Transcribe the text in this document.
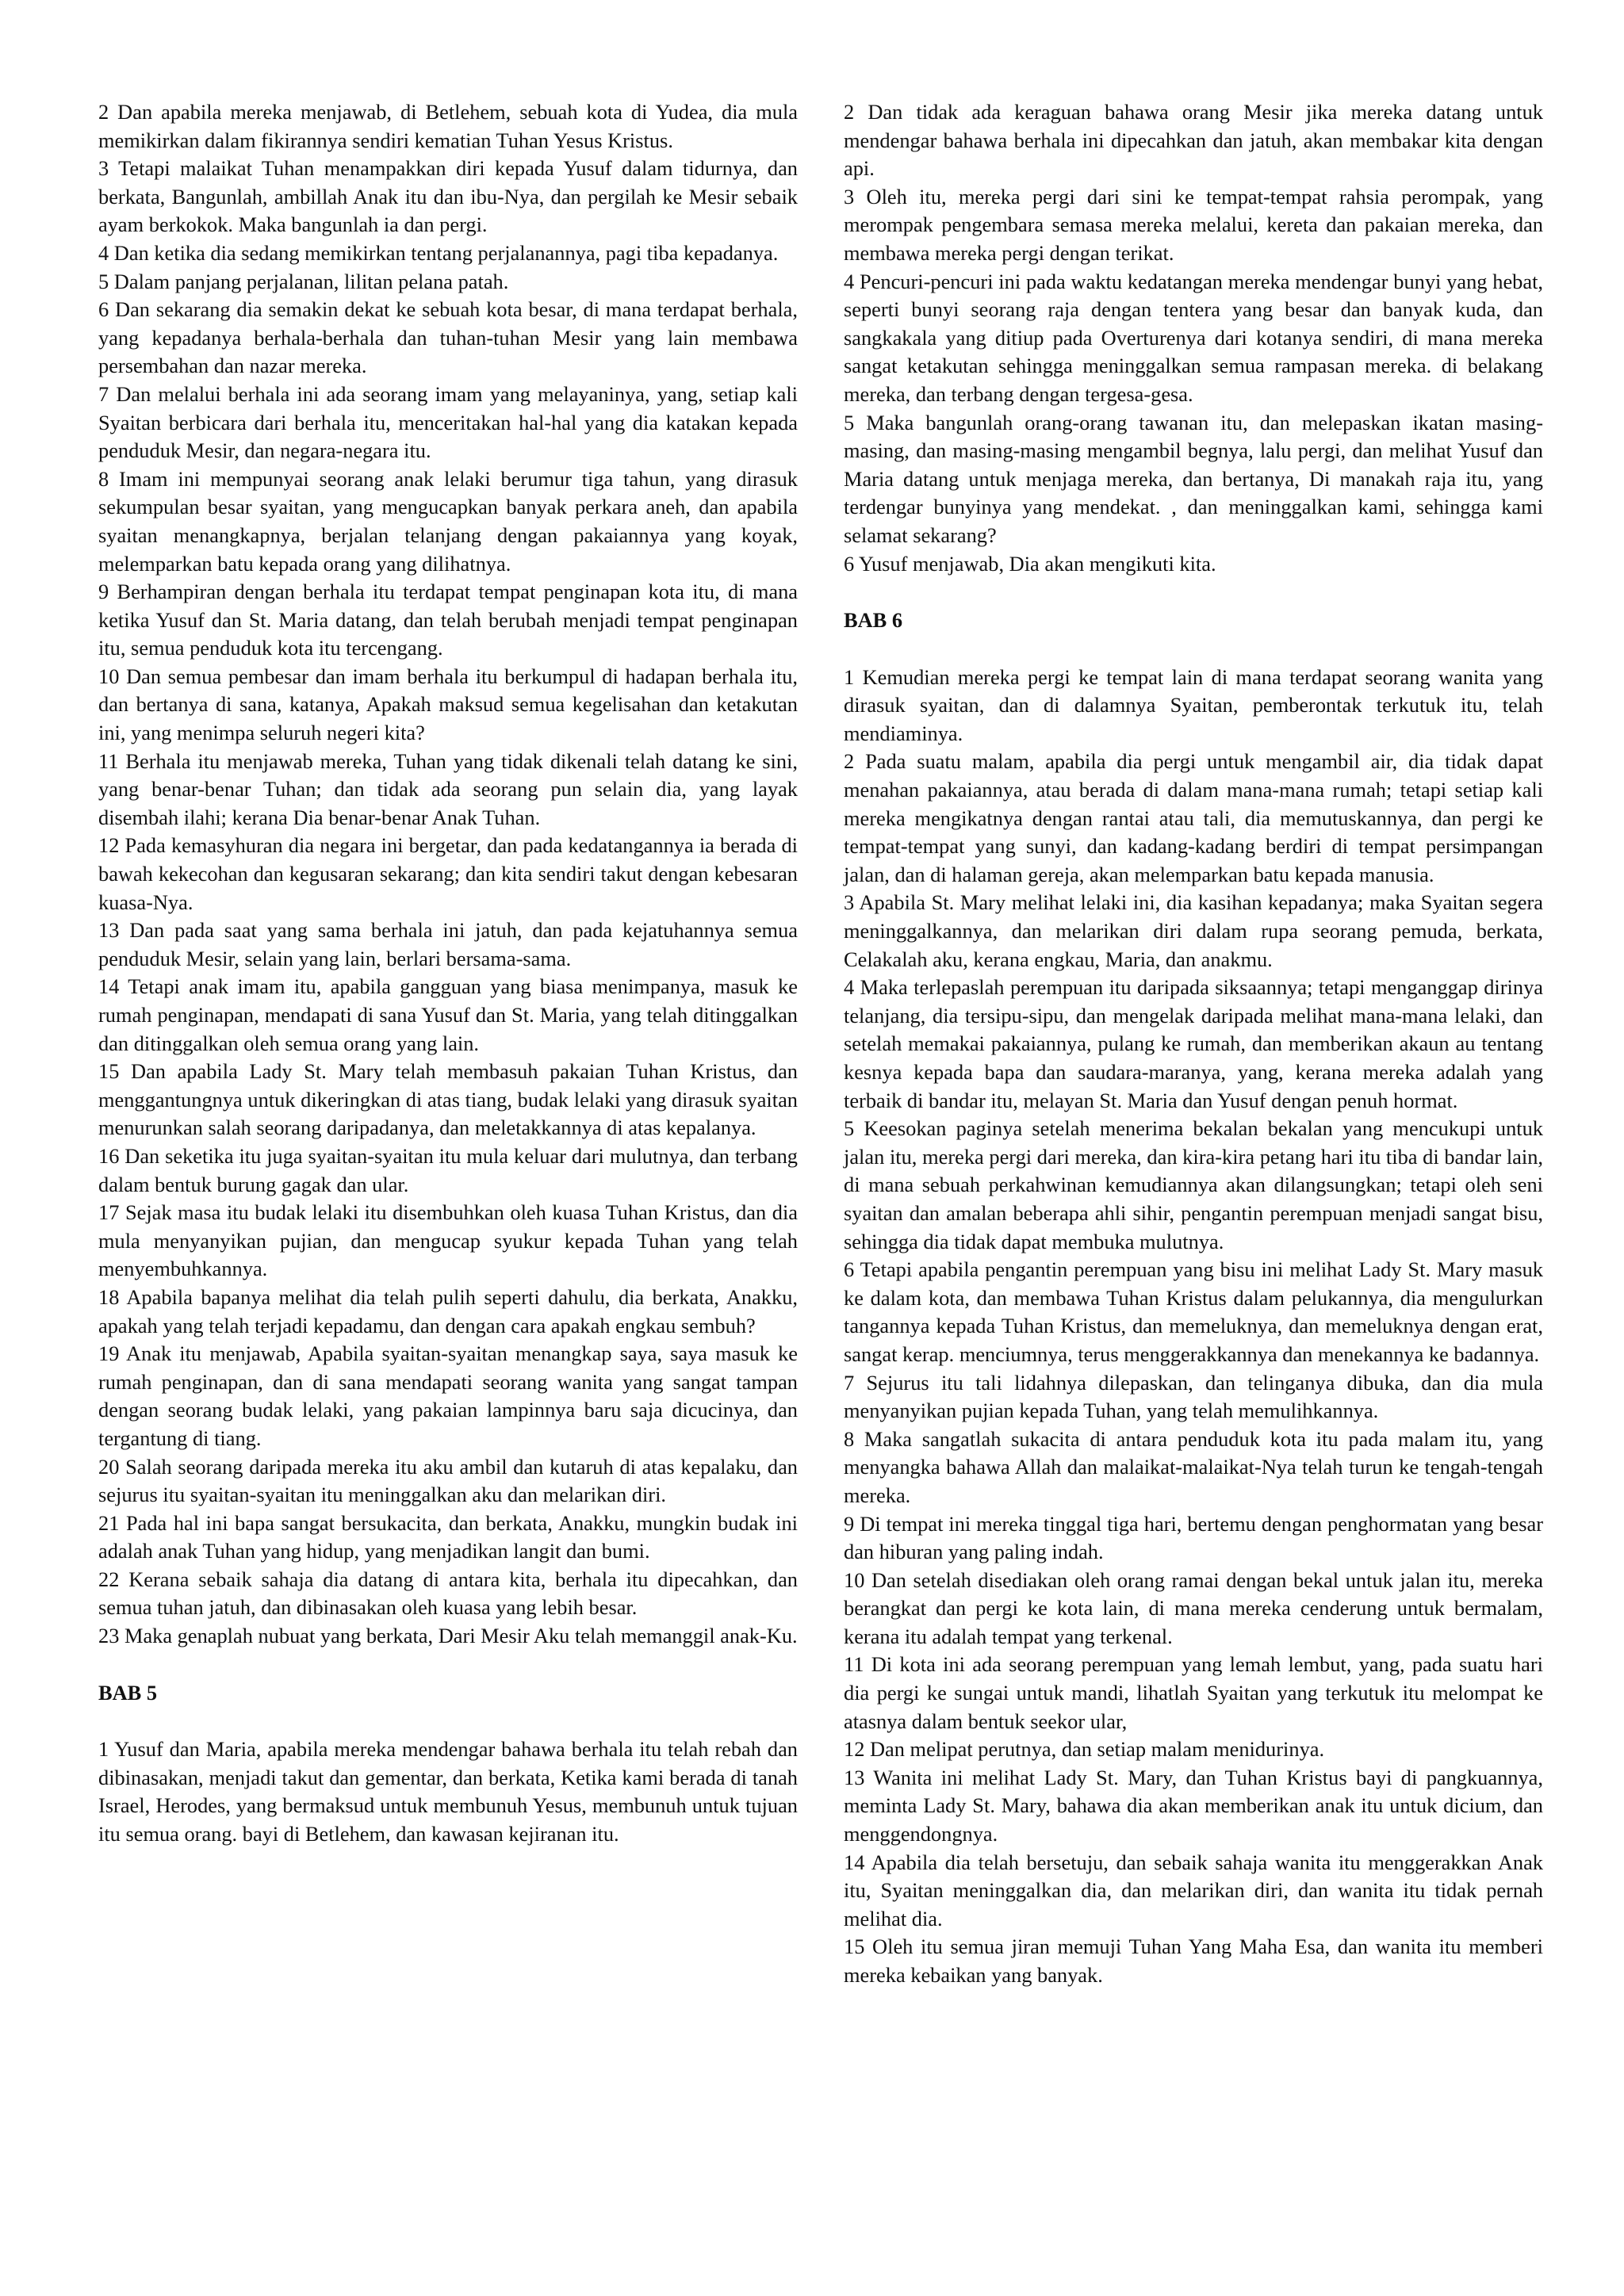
2 Dan apabila mereka menjawab, di Betlehem, sebuah kota di Yudea, dia mula memikirkan dalam fikirannya sendiri kematian Tuhan Yesus Kristus.

3 Tetapi malaikat Tuhan menampakkan diri kepada Yusuf dalam tidurnya, dan berkata, Bangunlah, ambillah Anak itu dan ibu-Nya, dan pergilah ke Mesir sebaik ayam berkokok. Maka bangunlah ia dan pergi.

4 Dan ketika dia sedang memikirkan tentang perjalanannya, pagi tiba kepadanya.

5 Dalam panjang perjalanan, lilitan pelana patah.

6 Dan sekarang dia semakin dekat ke sebuah kota besar, di mana terdapat berhala, yang kepadanya berhala-berhala dan tuhan-tuhan Mesir yang lain membawa persembahan dan nazar mereka.

7 Dan melalui berhala ini ada seorang imam yang melayaninya, yang, setiap kali Syaitan berbicara dari berhala itu, menceritakan hal-hal yang dia katakan kepada penduduk Mesir, dan negara-negara itu.

8 Imam ini mempunyai seorang anak lelaki berumur tiga tahun, yang dirasuk sekumpulan besar syaitan, yang mengucapkan banyak perkara aneh, dan apabila syaitan menangkapnya, berjalan telanjang dengan pakaiannya yang koyak, melemparkan batu kepada orang yang dilihatnya.

9 Berhampiran dengan berhala itu terdapat tempat penginapan kota itu, di mana ketika Yusuf dan St. Maria datang, dan telah berubah menjadi tempat penginapan itu, semua penduduk kota itu tercengang.

10 Dan semua pembesar dan imam berhala itu berkumpul di hadapan berhala itu, dan bertanya di sana, katanya, Apakah maksud semua kegelisahan dan ketakutan ini, yang menimpa seluruh negeri kita?

11 Berhala itu menjawab mereka, Tuhan yang tidak dikenali telah datang ke sini, yang benar-benar Tuhan; dan tidak ada seorang pun selain dia, yang layak disembah ilahi; kerana Dia benar-benar Anak Tuhan.

12 Pada kemasyhuran dia negara ini bergetar, dan pada kedatangannya ia berada di bawah kekecohan dan kegusaran sekarang; dan kita sendiri takut dengan kebesaran kuasa-Nya.

13 Dan pada saat yang sama berhala ini jatuh, dan pada kejatuhannya semua penduduk Mesir, selain yang lain, berlari bersama-sama.

14 Tetapi anak imam itu, apabila gangguan yang biasa menimpanya, masuk ke rumah penginapan, mendapati di sana Yusuf dan St. Maria, yang telah ditinggalkan dan ditinggalkan oleh semua orang yang lain.

15 Dan apabila Lady St. Mary telah membasuh pakaian Tuhan Kristus, dan menggantungnya untuk dikeringkan di atas tiang, budak lelaki yang dirasuk syaitan menurunkan salah seorang daripadanya, dan meletakkannya di atas kepalanya.

16 Dan seketika itu juga syaitan-syaitan itu mula keluar dari mulutnya, dan terbang dalam bentuk burung gagak dan ular.

17 Sejak masa itu budak lelaki itu disembuhkan oleh kuasa Tuhan Kristus, dan dia mula menyanyikan pujian, dan mengucap syukur kepada Tuhan yang telah menyembuhkannya.

18 Apabila bapanya melihat dia telah pulih seperti dahulu, dia berkata, Anakku, apakah yang telah terjadi kepadamu, dan dengan cara apakah engkau sembuh?

19 Anak itu menjawab, Apabila syaitan-syaitan menangkap saya, saya masuk ke rumah penginapan, dan di sana mendapati seorang wanita yang sangat tampan dengan seorang budak lelaki, yang pakaian lampinnya baru saja dicucinya, dan tergantung di tiang.

20 Salah seorang daripada mereka itu aku ambil dan kutaruh di atas kepalaku, dan sejurus itu syaitan-syaitan itu meninggalkan aku dan melarikan diri.

21 Pada hal ini bapa sangat bersukacita, dan berkata, Anakku, mungkin budak ini adalah anak Tuhan yang hidup, yang menjadikan langit dan bumi.

22 Kerana sebaik sahaja dia datang di antara kita, berhala itu dipecahkan, dan semua tuhan jatuh, dan dibinasakan oleh kuasa yang lebih besar.

23 Maka genaplah nubuat yang berkata, Dari Mesir Aku telah memanggil anak-Ku.

BAB 5

1 Yusuf dan Maria, apabila mereka mendengar bahawa berhala itu telah rebah dan dibinasakan, menjadi takut dan gementar, dan berkata, Ketika kami berada di tanah Israel, Herodes, yang bermaksud untuk membunuh Yesus, membunuh untuk tujuan itu semua orang. bayi di Betlehem, dan kawasan kejiranan itu.

2 Dan tidak ada keraguan bahawa orang Mesir jika mereka datang untuk mendengar bahawa berhala ini dipecahkan dan jatuh, akan membakar kita dengan api.

3 Oleh itu, mereka pergi dari sini ke tempat-tempat rahsia perompak, yang merompak pengembara semasa mereka melalui, kereta dan pakaian mereka, dan membawa mereka pergi dengan terikat.

4 Pencuri-pencuri ini pada waktu kedatangan mereka mendengar bunyi yang hebat, seperti bunyi seorang raja dengan tentera yang besar dan banyak kuda, dan sangkakala yang ditiup pada Overturenya dari kotanya sendiri, di mana mereka sangat ketakutan sehingga meninggalkan semua rampasan mereka. di belakang mereka, dan terbang dengan tergesa-gesa.

5 Maka bangunlah orang-orang tawanan itu, dan melepaskan ikatan masing-masing, dan masing-masing mengambil begnya, lalu pergi, dan melihat Yusuf dan Maria datang untuk menjaga mereka, dan bertanya, Di manakah raja itu, yang terdengar bunyinya yang mendekat. , dan meninggalkan kami, sehingga kami selamat sekarang?

6 Yusuf menjawab, Dia akan mengikuti kita.

BAB 6

1 Kemudian mereka pergi ke tempat lain di mana terdapat seorang wanita yang dirasuk syaitan, dan di dalamnya Syaitan, pemberontak terkutuk itu, telah mendiaminya.

2 Pada suatu malam, apabila dia pergi untuk mengambil air, dia tidak dapat menahan pakaiannya, atau berada di dalam mana-mana rumah; tetapi setiap kali mereka mengikatnya dengan rantai atau tali, dia memutuskannya, dan pergi ke tempat-tempat yang sunyi, dan kadang-kadang berdiri di tempat persimpangan jalan, dan di halaman gereja, akan melemparkan batu kepada manusia.

3 Apabila St. Mary melihat lelaki ini, dia kasihan kepadanya; maka Syaitan segera meninggalkannya, dan melarikan diri dalam rupa seorang pemuda, berkata, Celakalah aku, kerana engkau, Maria, dan anakmu.

4 Maka terlepaslah perempuan itu daripada siksaannya; tetapi menganggap dirinya telanjang, dia tersipu-sipu, dan mengelak daripada melihat mana-mana lelaki, dan setelah memakai pakaiannya, pulang ke rumah, dan memberikan akaun au tentang kesnya kepada bapa dan saudara-maranya, yang, kerana mereka adalah yang terbaik di bandar itu, melayan St. Maria dan Yusuf dengan penuh hormat.

5 Keesokan paginya setelah menerima bekalan bekalan yang mencukupi untuk jalan itu, mereka pergi dari mereka, dan kira-kira petang hari itu tiba di bandar lain, di mana sebuah perkahwinan kemudiannya akan dilangsungkan; tetapi oleh seni syaitan dan amalan beberapa ahli sihir, pengantin perempuan menjadi sangat bisu, sehingga dia tidak dapat membuka mulutnya.

6 Tetapi apabila pengantin perempuan yang bisu ini melihat Lady St. Mary masuk ke dalam kota, dan membawa Tuhan Kristus dalam pelukannya, dia mengulurkan tangannya kepada Tuhan Kristus, dan memeluknya, dan memeluknya dengan erat, sangat kerap. menciumnya, terus menggerakkannya dan menekannya ke badannya.

7 Sejurus itu tali lidahnya dilepaskan, dan telinganya dibuka, dan dia mula menyanyikan pujian kepada Tuhan, yang telah memulihkannya.

8 Maka sangatlah sukacita di antara penduduk kota itu pada malam itu, yang menyangka bahawa Allah dan malaikat-malaikat-Nya telah turun ke tengah-tengah mereka.

9 Di tempat ini mereka tinggal tiga hari, bertemu dengan penghormatan yang besar dan hiburan yang paling indah.

10 Dan setelah disediakan oleh orang ramai dengan bekal untuk jalan itu, mereka berangkat dan pergi ke kota lain, di mana mereka cenderung untuk bermalam, kerana itu adalah tempat yang terkenal.

11 Di kota ini ada seorang perempuan yang lemah lembut, yang, pada suatu hari dia pergi ke sungai untuk mandi, lihatlah Syaitan yang terkutuk itu melompat ke atasnya dalam bentuk seekor ular,

12 Dan melipat perutnya, dan setiap malam menidurinya.

13 Wanita ini melihat Lady St. Mary, dan Tuhan Kristus bayi di pangkuannya, meminta Lady St. Mary, bahawa dia akan memberikan anak itu untuk dicium, dan menggendongnya.

14 Apabila dia telah bersetuju, dan sebaik sahaja wanita itu menggerakkan Anak itu, Syaitan meninggalkan dia, dan melarikan diri, dan wanita itu tidak pernah melihat dia.

15 Oleh itu semua jiran memuji Tuhan Yang Maha Esa, dan wanita itu memberi mereka kebaikan yang banyak.
